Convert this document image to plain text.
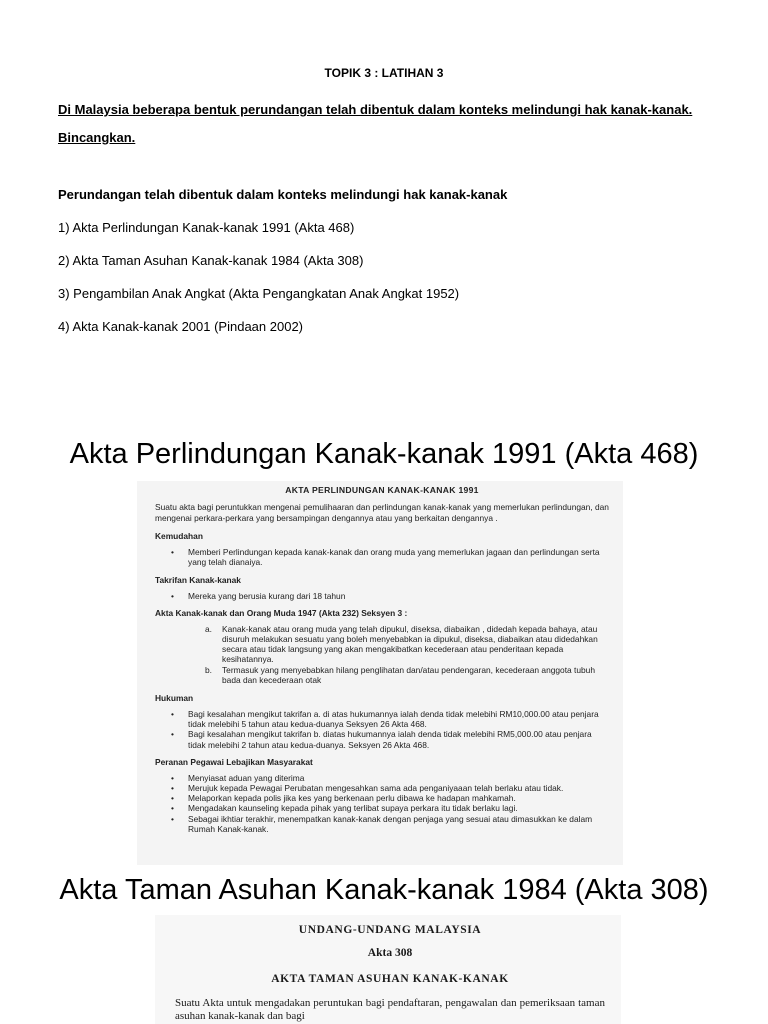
TOPIK 3 : LATIHAN 3
Di Malaysia beberapa bentuk perundangan telah dibentuk dalam konteks melindungi hak kanak-kanak. Bincangkan.
Perundangan telah dibentuk dalam konteks melindungi hak kanak-kanak
1) Akta Perlindungan Kanak-kanak 1991 (Akta 468)
2) Akta Taman Asuhan Kanak-kanak 1984 (Akta 308)
3) Pengambilan Anak Angkat (Akta Pengangkatan Anak Angkat 1952)
4) Akta Kanak-kanak 2001 (Pindaan 2002)
Akta Perlindungan Kanak-kanak 1991 (Akta 468)
AKTA PERLINDUNGAN KANAK-KANAK 1991
Suatu akta bagi peruntukkan mengenai pemulihaaran dan perlindungan kanak-kanak yang memerlukan perlindungan, dan mengenai perkara-perkara yang bersampingan dengannya atau yang berkaitan dengannya .
Kemudahan
• Memberi Perlindungan kepada kanak-kanak dan orang muda yang memerlukan jagaan dan perlindungan serta yang telah dianaiya.
Takrifan Kanak-kanak
• Mereka yang berusia kurang dari 18 tahun
Akta Kanak-kanak dan Orang Muda 1947 (Akta 232) Seksyen 3 :
a. Kanak-kanak atau orang muda yang telah dipukul, diseksa, diabaikan , didedah kepada bahaya, atau disuruh melakukan sesuatu yang boleh menyebabkan ia dipukul, diseksa, diabaikan atau didedahkan secara atau tidak langsung yang akan mengakibatkan kecederaan atau penderitaan kepada kesihatannya.
b. Termasuk yang menyebabkan hilang penglihatan dan/atau pendengaran, kecederaan anggota tubuh bada dan kecederaan otak
Hukuman
• Bagi kesalahan mengikut takrifan a. di atas hukumannya ialah denda tidak melebihi RM10,000.00 atau penjara tidak melebihi 5 tahun atau kedua-duanya Seksyen 26 Akta 468.
• Bagi kesalahan mengikut takrifan b. diatas hukumannya ialah denda tidak melebihi RM5,000.00 atau penjara tidak melebihi 2 tahun atau kedua-duanya. Seksyen 26 Akta 468.
Peranan Pegawai Lebajikan Masyarakat
• Menyiasat aduan yang diterima
• Merujuk kepada Pewagai Perubatan mengesahkan sama ada penganiyaaan telah berlaku atau tidak.
• Melaporkan kepada polis jika kes yang berkenaan perlu dibawa ke hadapan mahkamah.
• Mengadakan kaunseling kepada pihak yang terlibat supaya perkara itu tidak berlaku lagi.
• Sebagai ikhtiar terakhir, menempatkan kanak-kanak dengan penjaga yang sesuai atau dimasukkan ke dalam Rumah Kanak-kanak.
Akta Taman Asuhan Kanak-kanak 1984 (Akta 308)
UNDANG-UNDANG MALAYSIA
Akta 308
AKTA TAMAN ASUHAN KANAK-KANAK
Suatu Akta untuk mengadakan peruntukan bagi pendaftaran, pengawalan dan pemeriksaan taman asuhan kanak-kanak dan bagi
